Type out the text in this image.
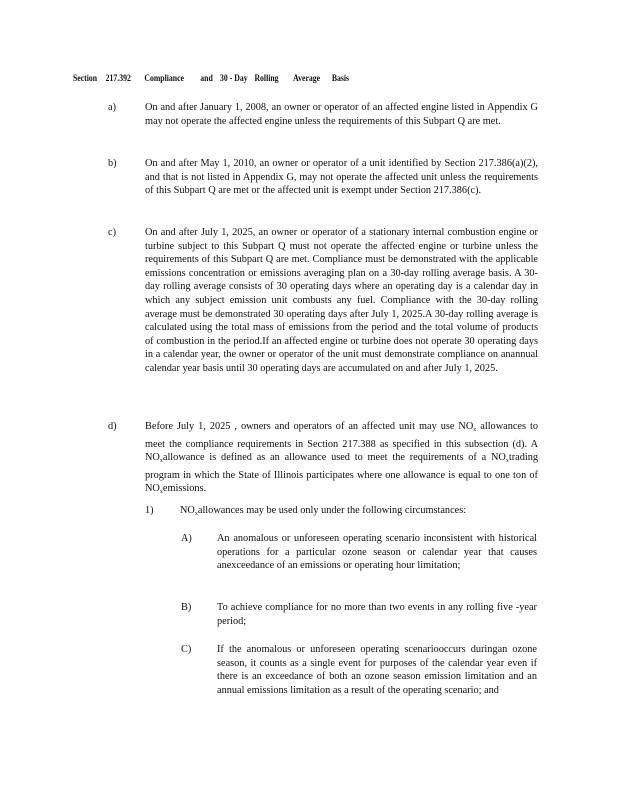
Section 217.392 Compliance and 30 - Day Rolling Average Basis
a)	On and after January 1, 2008, an owner or operator of an affected engine listed in Appendix G may not operate the affected engine unless the requirements of this Subpart Q are met.
b)	On and after May 1, 2010, an owner or operator of a unit identified by Section 217.386(a)(2), and that is not listed in Appendix G, may not operate the affected unit unless the requirements of this Subpart Q are met or the affected unit is exempt under Section 217.386(c).
c)	On and after July 1, 2025, an owner or operator of a stationary internal combustion engine or turbine subject to this Subpart Q must not operate the affected engine or turbine unless the requirements of this Subpart Q are met. Compliance must be demonstrated with the applicable emissions concentration or emissions averaging plan on a 30-day rolling average basis. A 30-day rolling average consists of 30 operating days where an operating day is a calendar day in which any subject emission unit combusts any fuel. Compliance with the 30-day rolling average must be demonstrated 30 operating days after July 1, 2025.A 30-day rolling average is calculated using the total mass of emissions from the period and the total volume of products of combustion in the period.If an affected engine or turbine does not operate 30 operating days in a calendar year, the owner or operator of the unit must demonstrate compliance on anannual calendar year basis until 30 operating days are accumulated on and after July 1, 2025.
d)	Before July 1, 2025 , owners and operators of an affected unit may use $NO_x$ allowances to meet the compliance requirements in Section 217.388 as specified in this subsection (d). A $NO_xallowance$ is defined as an allowance used to meet the requirements of a $NO_xtrading$ program in which the State of Illinois participates where one allowance is equal to one ton of $NO_xemissions$.
1)	$NO_xallowances$ may be used only under the following circumstances:
A) An anomalous or unforeseen operating scenario inconsistent with historical operations for a particular ozone season or calendar year that causes anexceedance of an emissions or operating hour limitation;
B) To achieve compliance for no more than two events in any rolling five -year period;
C) If the anomalous or unforeseen operating scenariooccurs duringan ozone season, it counts as a single event for purposes of the calendar year even if there is an exceedance of both an ozone season emission limitation and an annual emissions limitation as a result of the operating scenario; and
